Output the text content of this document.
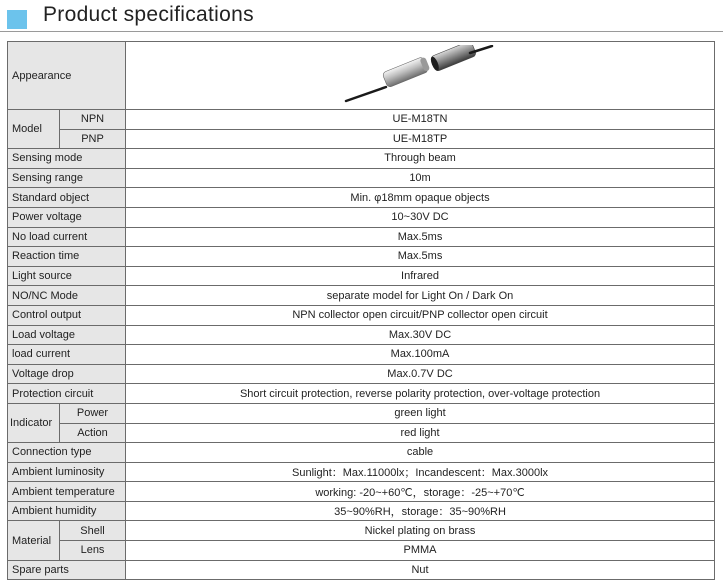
Product specifications
Appearance	

Model	NPN	UE-M18TN
	PNP	UE-M18TP
Sensing mode		Through beam
Sensing range		10m
Standard object		Min. φ18mm opaque objects
Power voltage		10~30V DC
No load current		Max.5ms
Reaction time		Max.5ms
Light source		Infrared
NO/NC Mode		separate model for Light On / Dark On
Control output		NPN collector open circuit/PNP collector open circuit
Load voltage		Max.30V DC
load current		Max.100mA
Voltage drop		Max.0.7V DC
Protection circuit		Short circuit protection, reverse polarity protection, over-voltage protection
Indicator	Power	green light
	Action	red light
Connection type		cable
Ambient luminosity		Sunlight：Max.11000lx；Incandescent：Max.3000lx
Ambient temperature		working: -20~+60℃，storage：-25~+70℃
Ambient humidity		35~90%RH，storage：35~90%RH
Material	Shell	Nickel plating on brass
	Lens	PMMA
Spare parts		Nut
